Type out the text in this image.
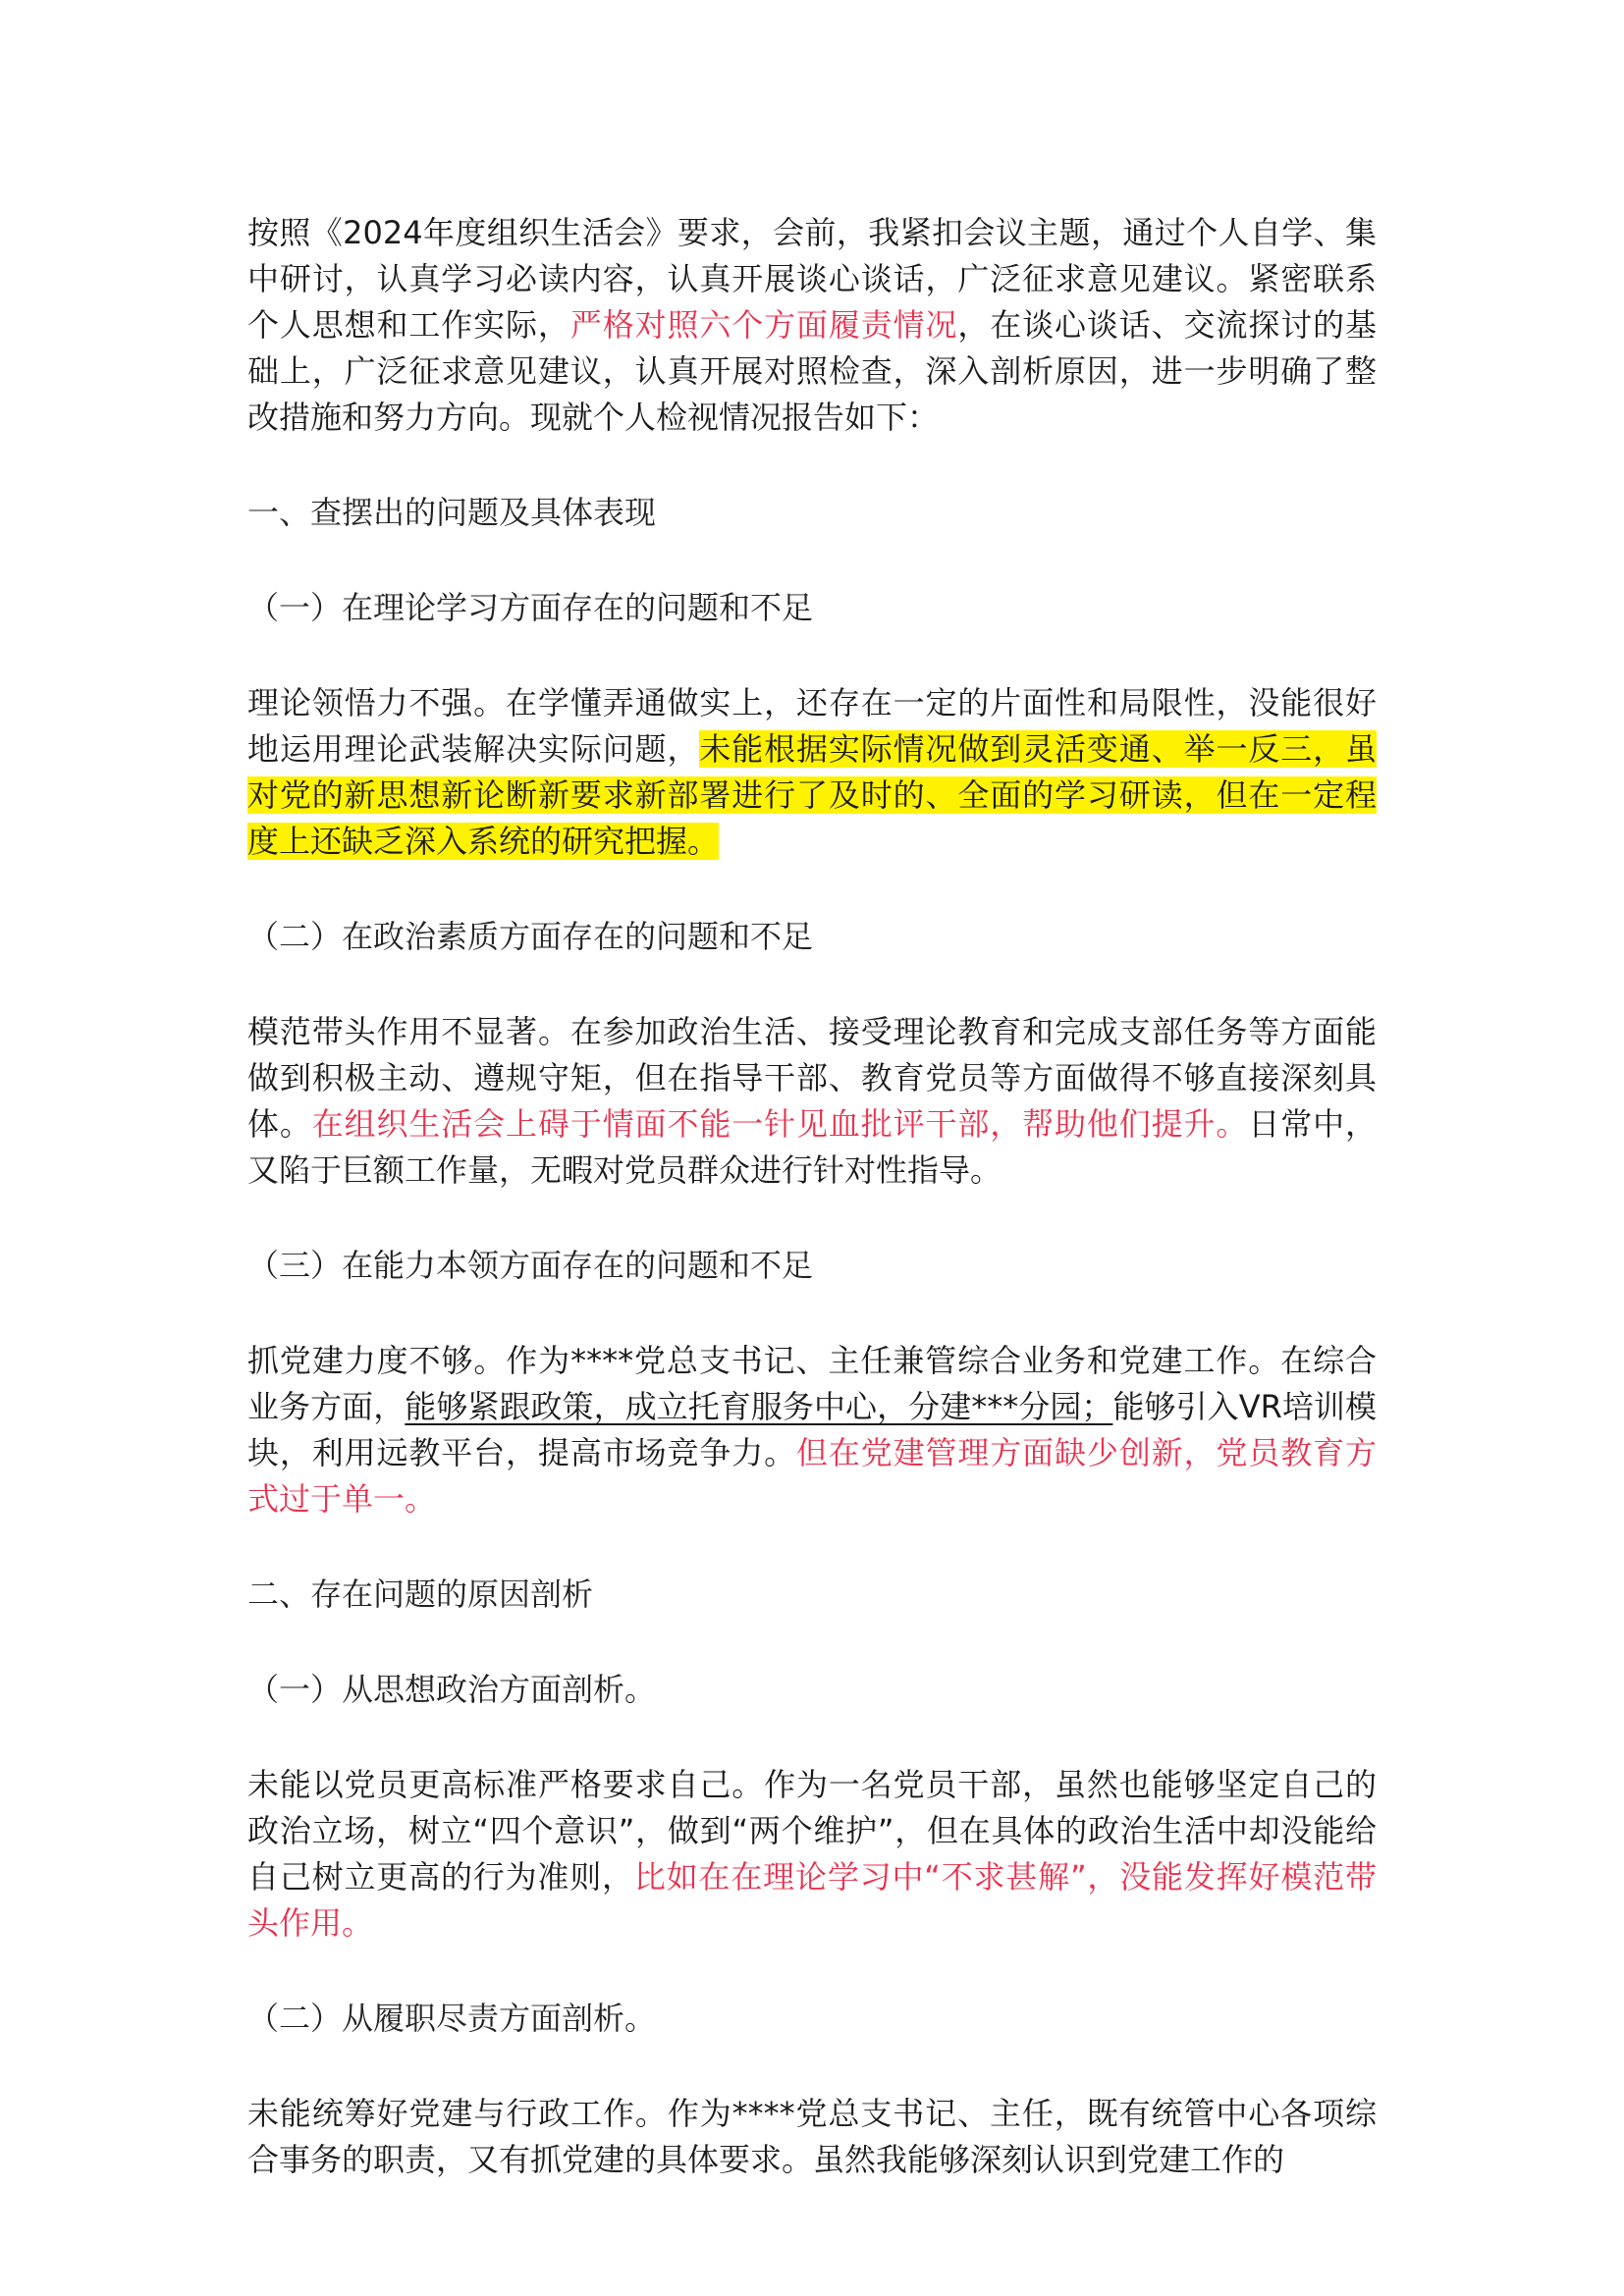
按照《2024年度组织生活会》要求，会前，我紧扣会议主题，通过个人自学、集中研讨，认真学习必读内容，认真开展谈心谈话，广泛征求意见建议。紧密联系个人思想和工作实际，严格对照六个方面履责情况，在谈心谈话、交流探讨的基础上，广泛征求意见建议，认真开展对照检查，深入剖析原因，进一步明确了整改措施和努力方向。现就个人检视情况报告如下：

一、查摆出的问题及具体表现

（一）在理论学习方面存在的问题和不足

理论领悟力不强。在学懂弄通做实上，还存在一定的片面性和局限性，没能很好地运用理论武装解决实际问题，未能根据实际情况做到灵活变通、举一反三，虽对党的新思想新论断新要求新部署进行了及时的、全面的学习研读，但在一定程度上还缺乏深入系统的研究把握。

（二）在政治素质方面存在的问题和不足

模范带头作用不显著。在参加政治生活、接受理论教育和完成支部任务等方面能做到积极主动、遵规守矩，但在指导干部、教育党员等方面做得不够直接深刻具体。在组织生活会上碍于情面不能一针见血批评干部，帮助他们提升。日常中，又陷于巨额工作量，无暇对党员群众进行针对性指导。

（三）在能力本领方面存在的问题和不足

抓党建力度不够。作为****党总支书记、主任兼管综合业务和党建工作。在综合业务方面，能够紧跟政策，成立托育服务中心，分建***分园；能够引入VR培训模块，利用远教平台，提高市场竞争力。但在党建管理方面缺少创新，党员教育方式过于单一。

二、存在问题的原因剖析

（一）从思想政治方面剖析。

未能以党员更高标准严格要求自己。作为一名党员干部，虽然也能够坚定自己的政治立场，树立“四个意识”，做到“两个维护”，但在具体的政治生活中却没能给自己树立更高的行为准则，比如在在理论学习中“不求甚解”，没能发挥好模范带头作用。

（二）从履职尽责方面剖析。

未能统筹好党建与行政工作。作为****党总支书记、主任，既有统管中心各项综合事务的职责，又有抓党建的具体要求。虽然我能够深刻认识到党建工作的
